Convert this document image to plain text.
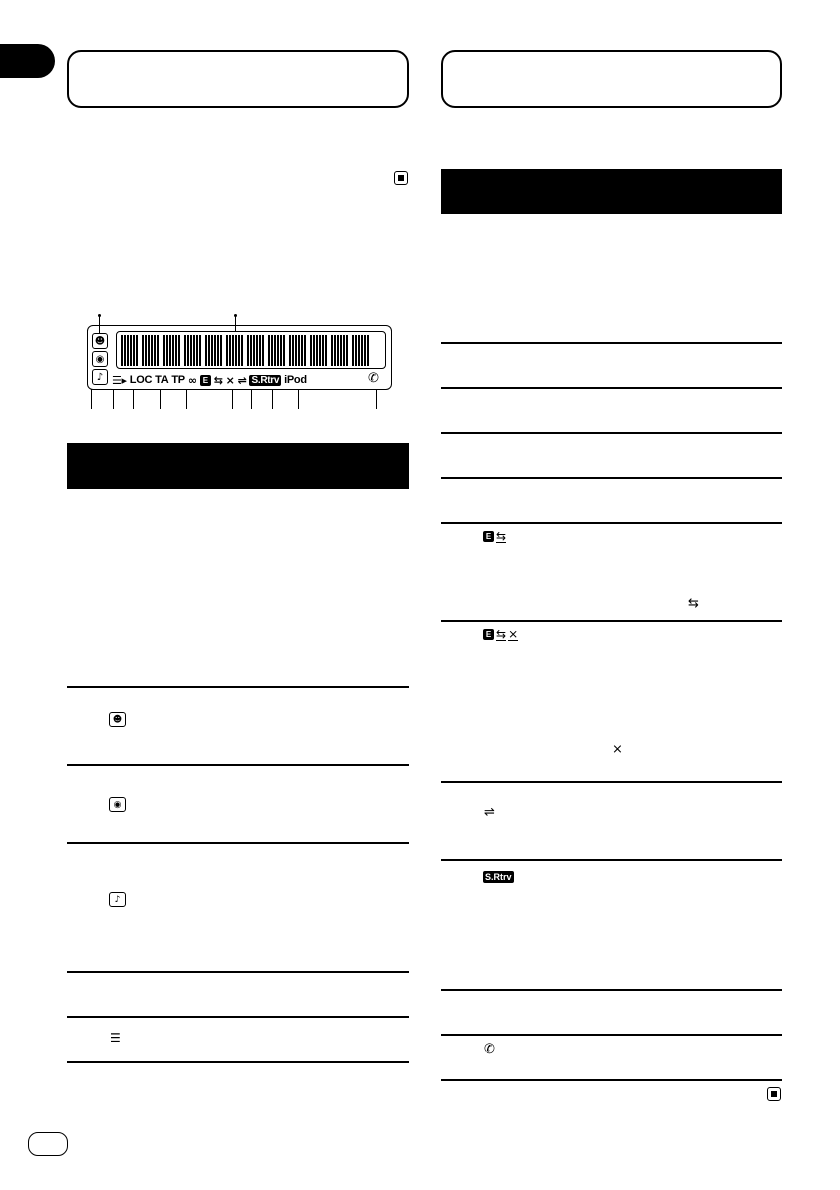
☻
◉
♪ ☰▸ LOC TA TP ∞ E ⇆ ⨯ ⇌ S.Rtrv iPod	✆
☻
◉
♪
☰
E ⇆
⇆
E ⇆ ⨯
⨯
⇌
S.Rtrv
✆
